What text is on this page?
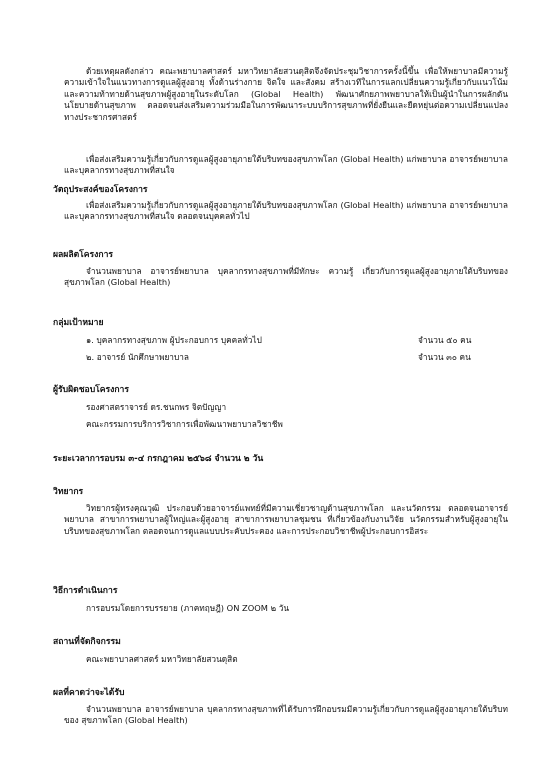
ด้วยเหตุผลดังกล่าว คณะพยาบาลศาสตร์ มหาวิทยาลัยสวนดุสิตจึงจัดประชุมวิชาการครั้งนี้ขึ้น เพื่อให้พยาบาลมีความรู้ความเข้าใจในแนวทางการดูแลผู้สูงอายุ ทั้งด้านร่างกาย จิตใจ และสังคม สร้างเวทีในการแลกเปลี่ยนความรู้เกี่ยวกับแนวโน้มและความท้าทายด้านสุขภาพผู้สูงอายุในระดับโลก (Global Health) พัฒนาศักยภาพพยาบาลให้เป็นผู้นำในการผลักดันนโยบายด้านสุขภาพ ตลอดจนส่งเสริมความร่วมมือในการพัฒนาระบบบริการสุขภาพที่ยั่งยืนและยืดหยุ่นต่อความเปลี่ยนแปลงทางประชากรศาสตร์

เพื่อส่งเสริมความรู้เกี่ยวกับการดูแลผู้สูงอายุภายใต้บริบทของสุขภาพโลก (Global Health) แก่พยาบาล อาจารย์พยาบาล และบุคลากรทางสุขภาพที่สนใจ

วัตถุประสงค์ของโครงการ

เพื่อส่งเสริมความรู้เกี่ยวกับการดูแลผู้สูงอายุภายใต้บริบทของสุขภาพโลก (Global Health) แก่พยาบาล อาจารย์พยาบาล และบุคลากรทางสุขภาพที่สนใจ ตลอดจนบุคคลทั่วไป

ผลผลิตโครงการ

จำนวนพยาบาล อาจารย์พยาบาล บุคลากรทางสุขภาพที่มีทักษะ ความรู้ เกี่ยวกับการดูแลผู้สูงอายุภายใต้บริบทของ สุขภาพโลก (Global Health)

กลุ่มเป้าหมาย

๑. บุคลากรทางสุขภาพ ผู้ประกอบการ บุคคลทั่วไป	จำนวน ๕๐ คน

๒. อาจารย์ นักศึกษาพยาบาล	จำนวน ๓๐ คน

ผู้รับผิดชอบโครงการ

รองศาสตราจารย์ ดร.ชนกพร จิตปัญญา

คณะกรรมการบริการวิชาการเพื่อพัฒนาพยาบาลวิชาชีพ

ระยะเวลาการอบรม ๓-๔ กรกฎาคม ๒๕๖๘ จำนวน ๒ วัน

วิทยากร

วิทยากรผู้ทรงคุณวุฒิ ประกอบด้วยอาจารย์แพทย์ที่มีความเชี่ยวชาญด้านสุขภาพโลก และนวัตกรรม ตลอดจนอาจารย์พยาบาล สาขาการพยาบาลผู้ใหญ่และผู้สูงอายุ สาขาการพยาบาลชุมชน ที่เกี่ยวข้องกับงานวิจัย นวัตกรรมสำหรับผู้สูงอายุในบริบทของสุขภาพโลก ตลอดจนการดูแลแบบประคับประคอง และการประกอบวิชาชีพผู้ประกอบการอิสระ

วิธีการดำเนินการ

การอบรมโดยการบรรยาย (ภาคทฤษฎี) ON ZOOM ๒ วัน

สถานที่จัดกิจกรรม

คณะพยาบาลศาสตร์ มหาวิทยาลัยสวนดุสิต

ผลที่คาดว่าจะได้รับ

จำนวนพยาบาล อาจารย์พยาบาล บุคลากรทางสุขภาพที่ได้รับการฝึกอบรมมีความรู้เกี่ยวกับการดูแลผู้สูงอายุภายใต้บริบทของ สุขภาพโลก (Global Health)
